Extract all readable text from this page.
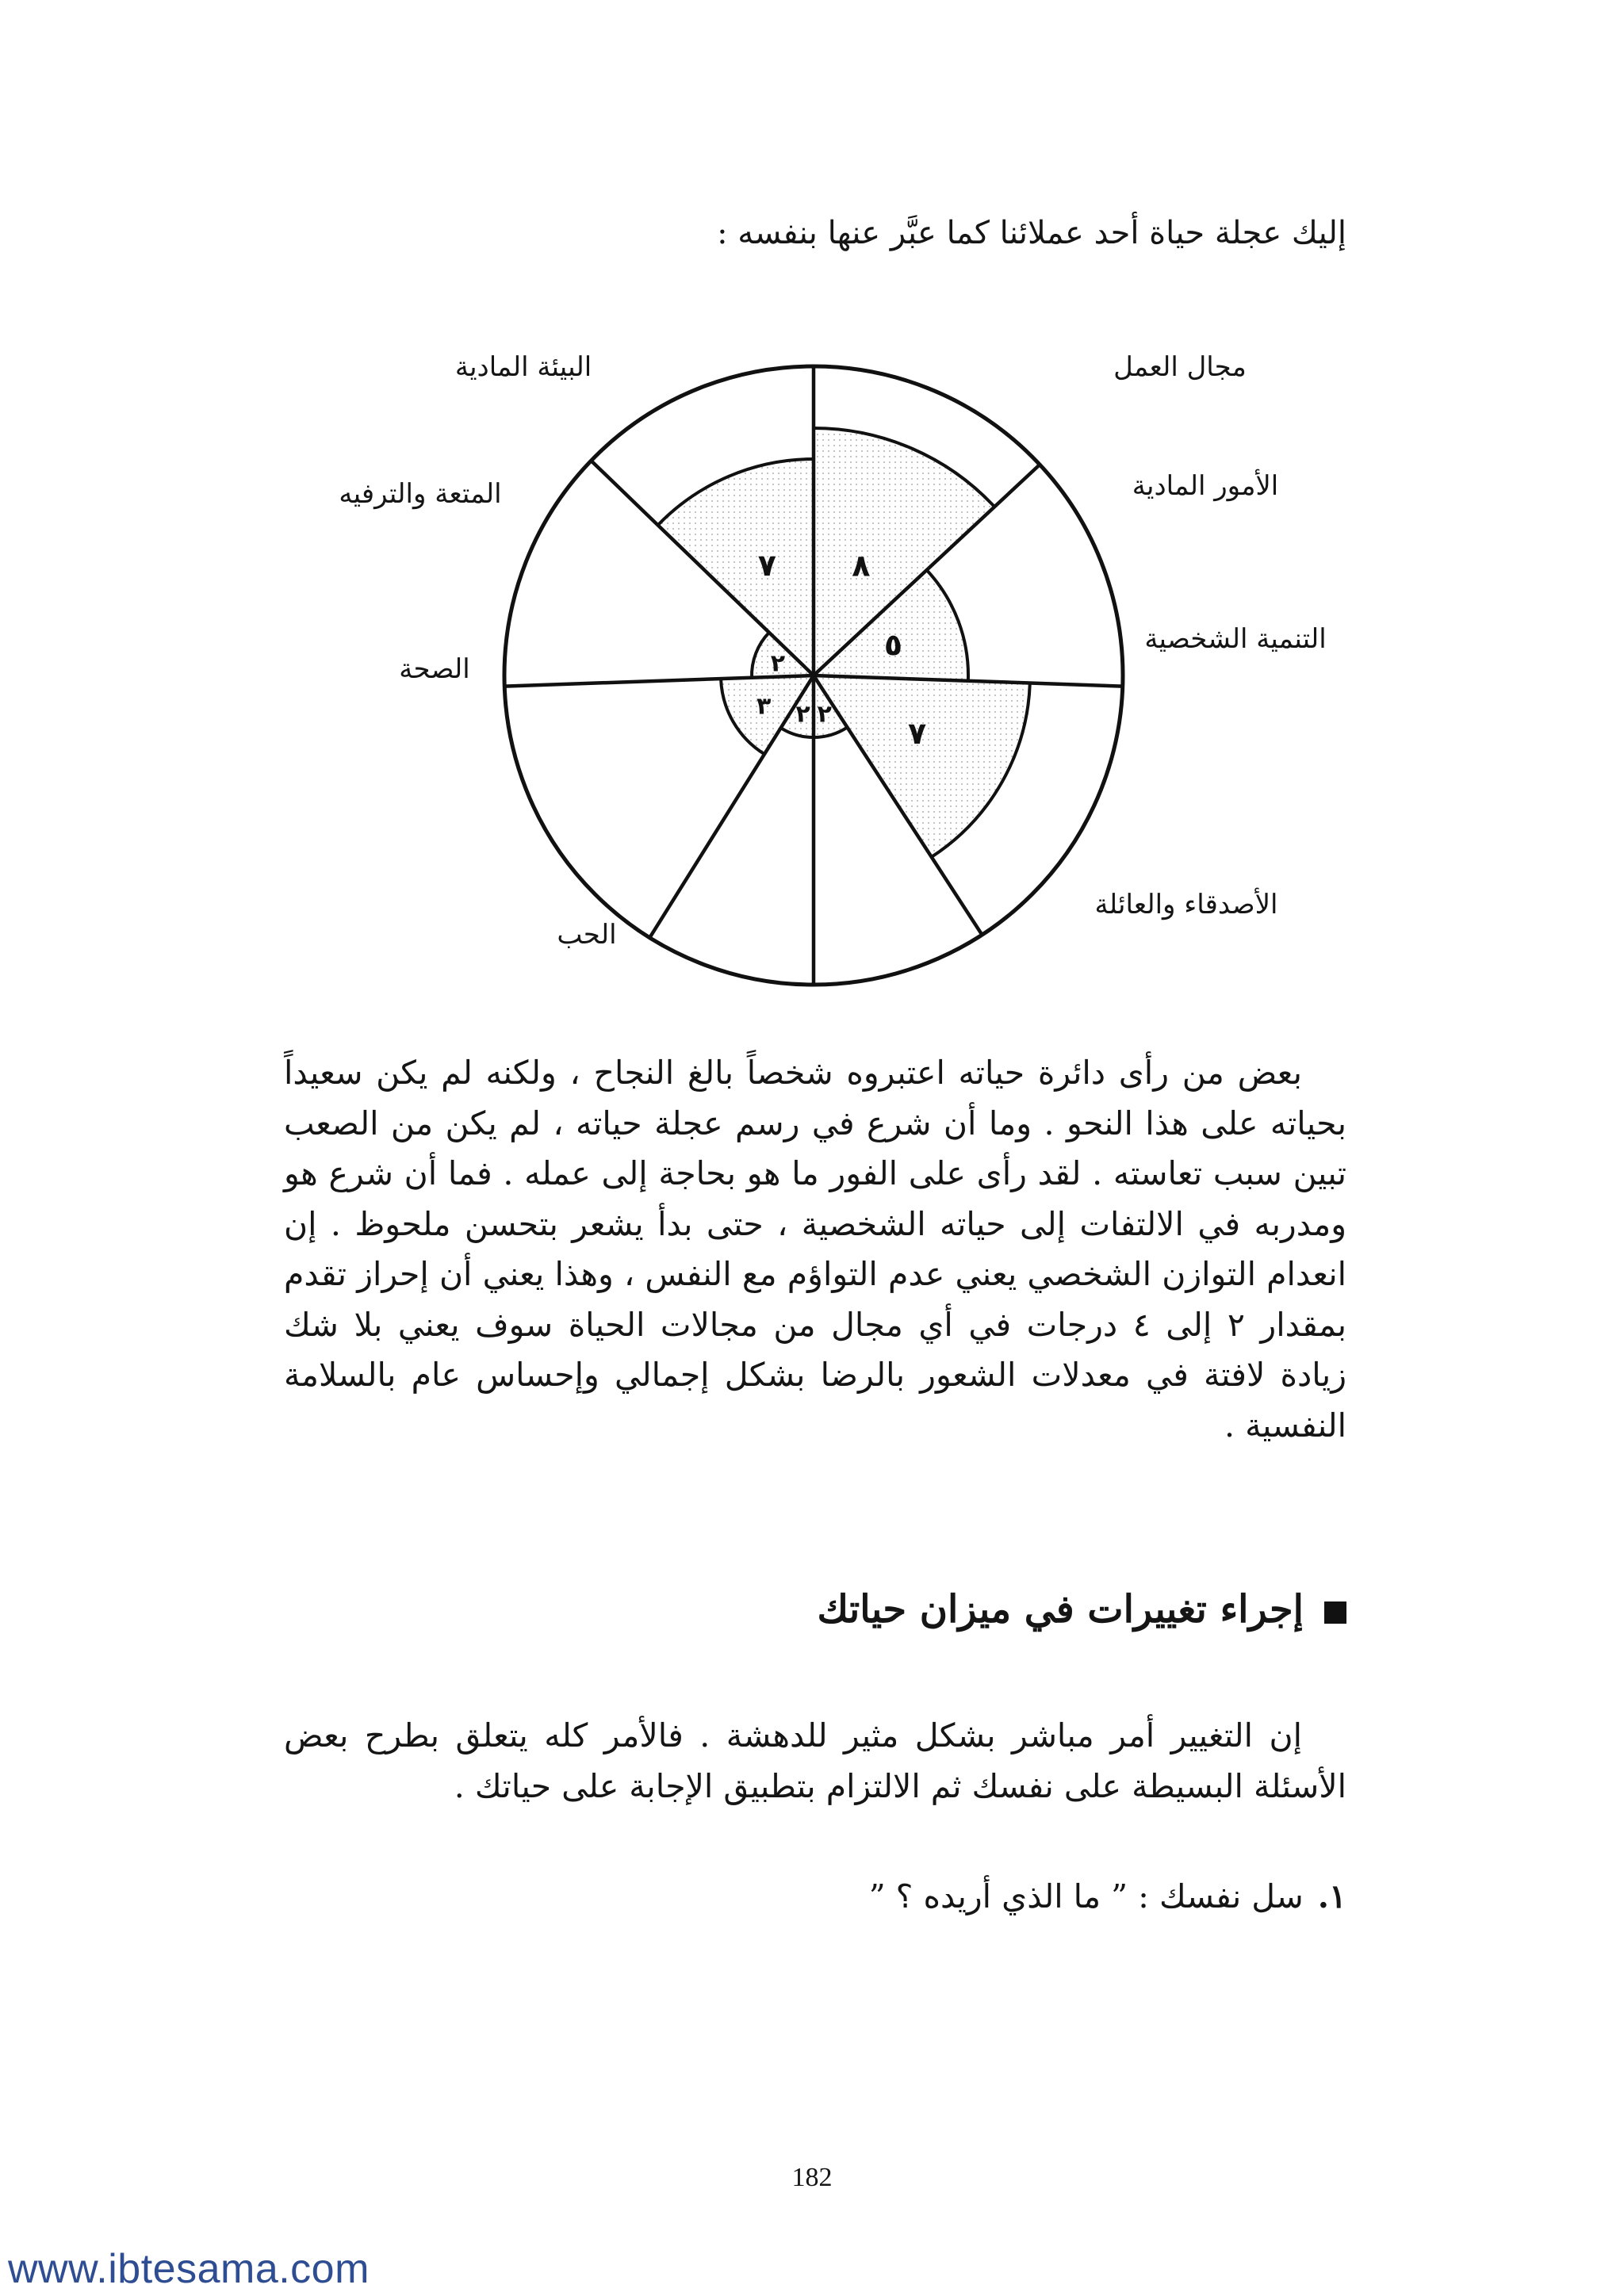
إليك عجلة حياة أحد عملائنا كما عبَّر عنها بنفسه :
٨
٥
٧
٢
٢
٣
٢
٧
مجال العمل
الأمور المادية
التنمية الشخصية
الأصدقاء والعائلة
الحب
الصحة
المتعة والترفيه
البيئة المادية

بعض من رأى دائرة حياته اعتبروه شخصاً بالغ النجاح ، ولكنه لم يكن سعيداً بحياته على هذا النحو . وما أن شرع في رسم عجلة حياته ، لم يكن من الصعب تبين سبب تعاسته . لقد رأى على الفور ما هو بحاجة إلى عمله . فما أن شرع هو ومدربه في الالتفات إلى حياته الشخصية ، حتى بدأ يشعر بتحسن ملحوظ . إن انعدام التوازن الشخصي يعني عدم التواؤم مع النفس ، وهذا يعني أن إحراز تقدم بمقدار ٢ إلى ٤ درجات في أي مجال من مجالات الحياة سوف يعني بلا شك زيادة لافتة في معدلات الشعور بالرضا بشكل إجمالي وإحساس عام بالسلامة النفسية .

إجراء تغييرات في ميزان حياتك

إن التغيير أمر مباشر بشكل مثير للدهشة . فالأمر كله يتعلق بطرح بعض الأسئلة البسيطة على نفسك ثم الالتزام بتطبيق الإجابة على حياتك .

١.سل نفسك : ” ما الذي أريده ؟ ”
182
www.ibtesama.com
